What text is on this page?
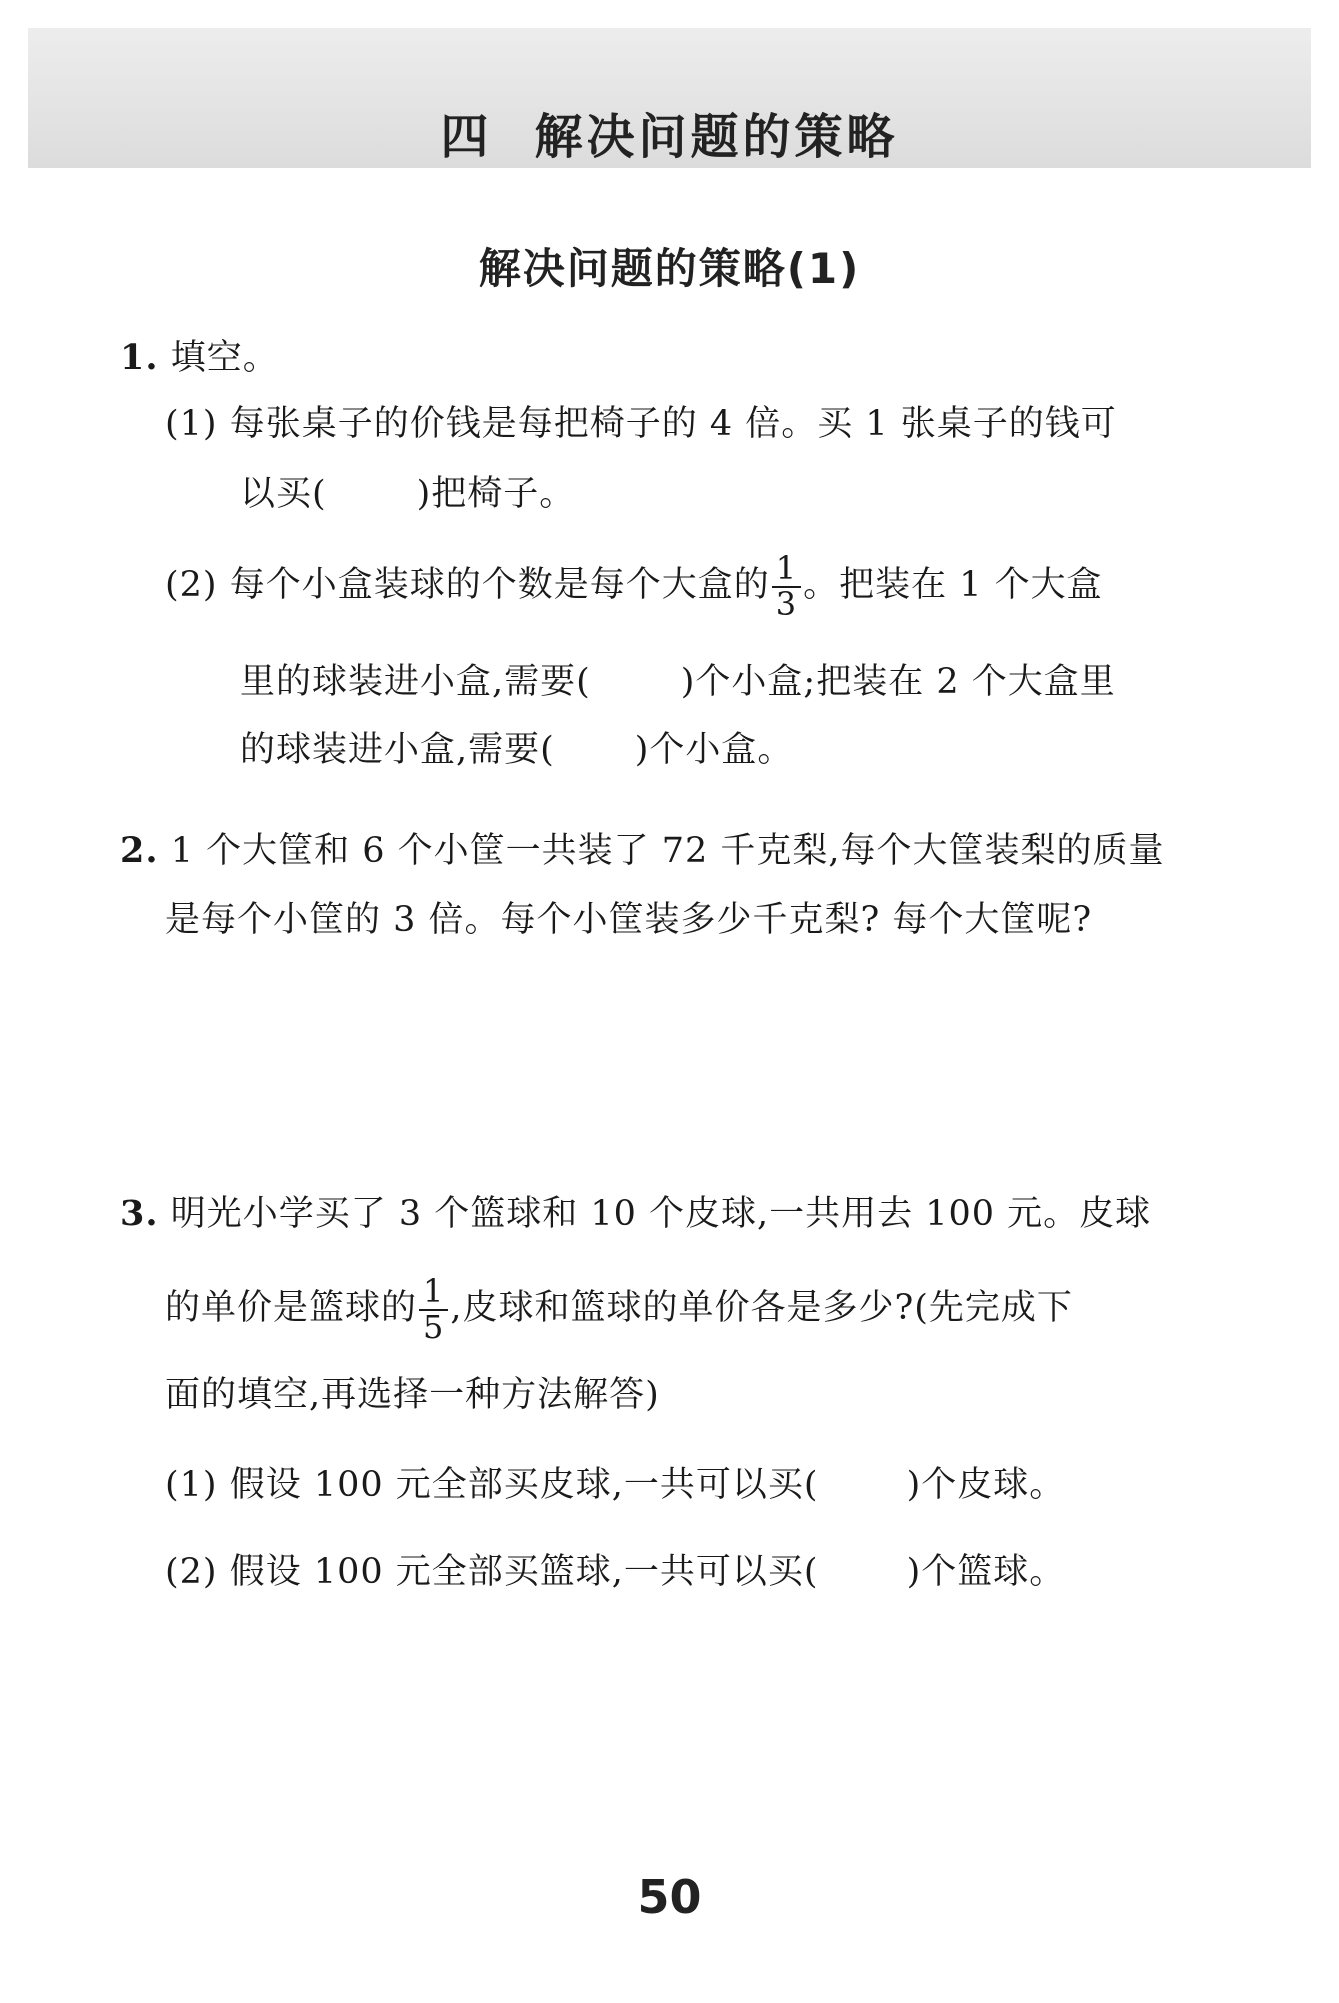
四 解决问题的策略
解决问题的策略(1)
1. 填空。
(1) 每张桌子的价钱是每把椅子的 4 倍。买 1 张桌子的钱可
以买(	)把椅子。
(2) 每个小盒装球的个数是每个大盒的 $\frac{1}{3}$ 。把装在 1 个大盒
里的球装进小盒,需要(	)个小盒;把装在 2 个大盒里
的球装进小盒,需要( )个小盒。
2. 1 个大筐和 6 个小筐一共装了 72 千克梨,每个大筐装梨的质量
是每个小筐的 3 倍。每个小筐装多少千克梨? 每个大筐呢?
3. 明光小学买了 3 个篮球和 10 个皮球,一共用去 100 元。皮球
的单价是篮球的 $\frac{1}{5}$ ,皮球和篮球的单价各是多少?(先完成下
面的填空,再选择一种方法解答)
(1) 假设 100 元全部买皮球,一共可以买(	)个皮球。
(2) 假设 100 元全部买篮球,一共可以买(	)个篮球。
50
